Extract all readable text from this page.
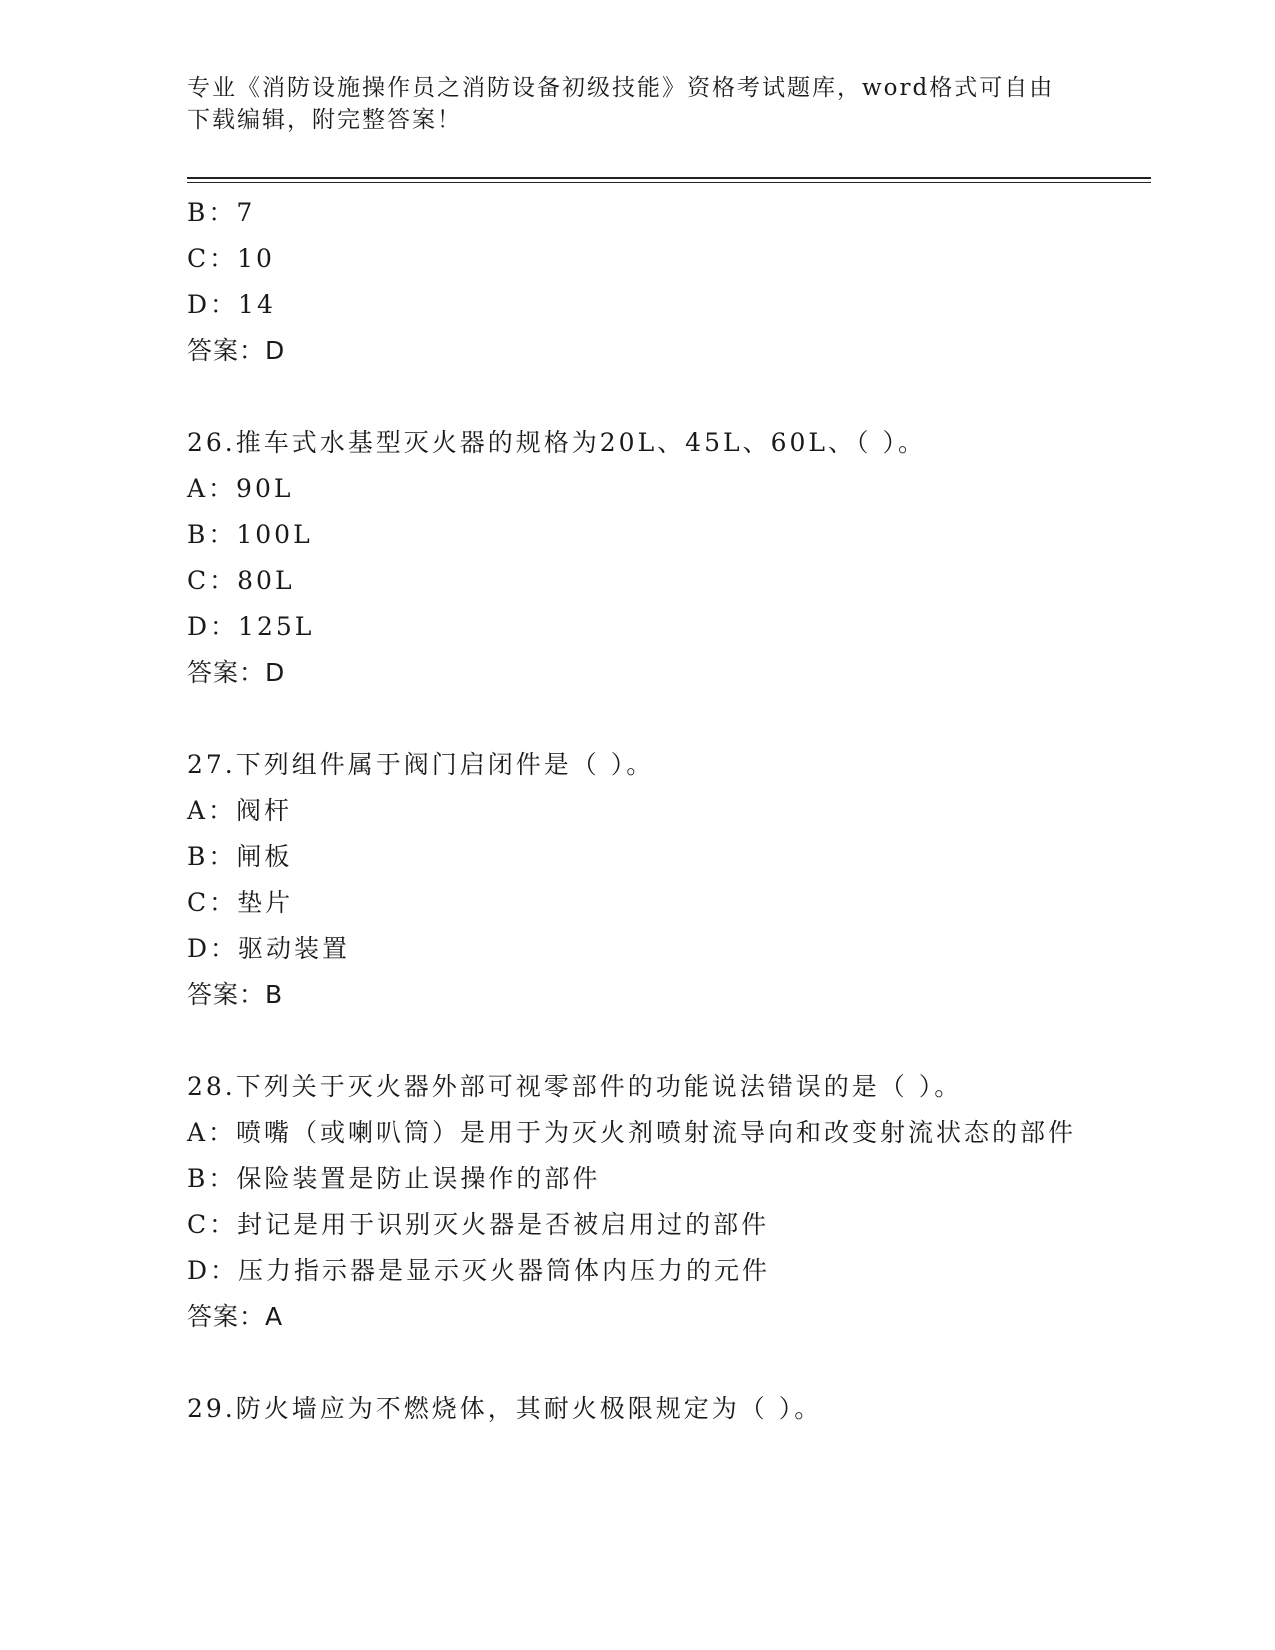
专业《消防设施操作员之消防设备初级技能》资格考试题库，word格式可自由下载编辑，附完整答案！
B：7
C：10
D：14
答案：D
26.推车式水基型灭火器的规格为20L、45L、60L、（ ）。
A：90L
B：100L
C：80L
D：125L
答案：D
27.下列组件属于阀门启闭件是（ ）。
A：阀杆
B：闸板
C：垫片
D：驱动装置
答案：B
28.下列关于灭火器外部可视零部件的功能说法错误的是（ ）。
A：喷嘴（或喇叭筒）是用于为灭火剂喷射流导向和改变射流状态的部件
B：保险装置是防止误操作的部件
C：封记是用于识别灭火器是否被启用过的部件
D：压力指示器是显示灭火器筒体内压力的元件
答案：A
29.防火墙应为不燃烧体，其耐火极限规定为（ ）。
